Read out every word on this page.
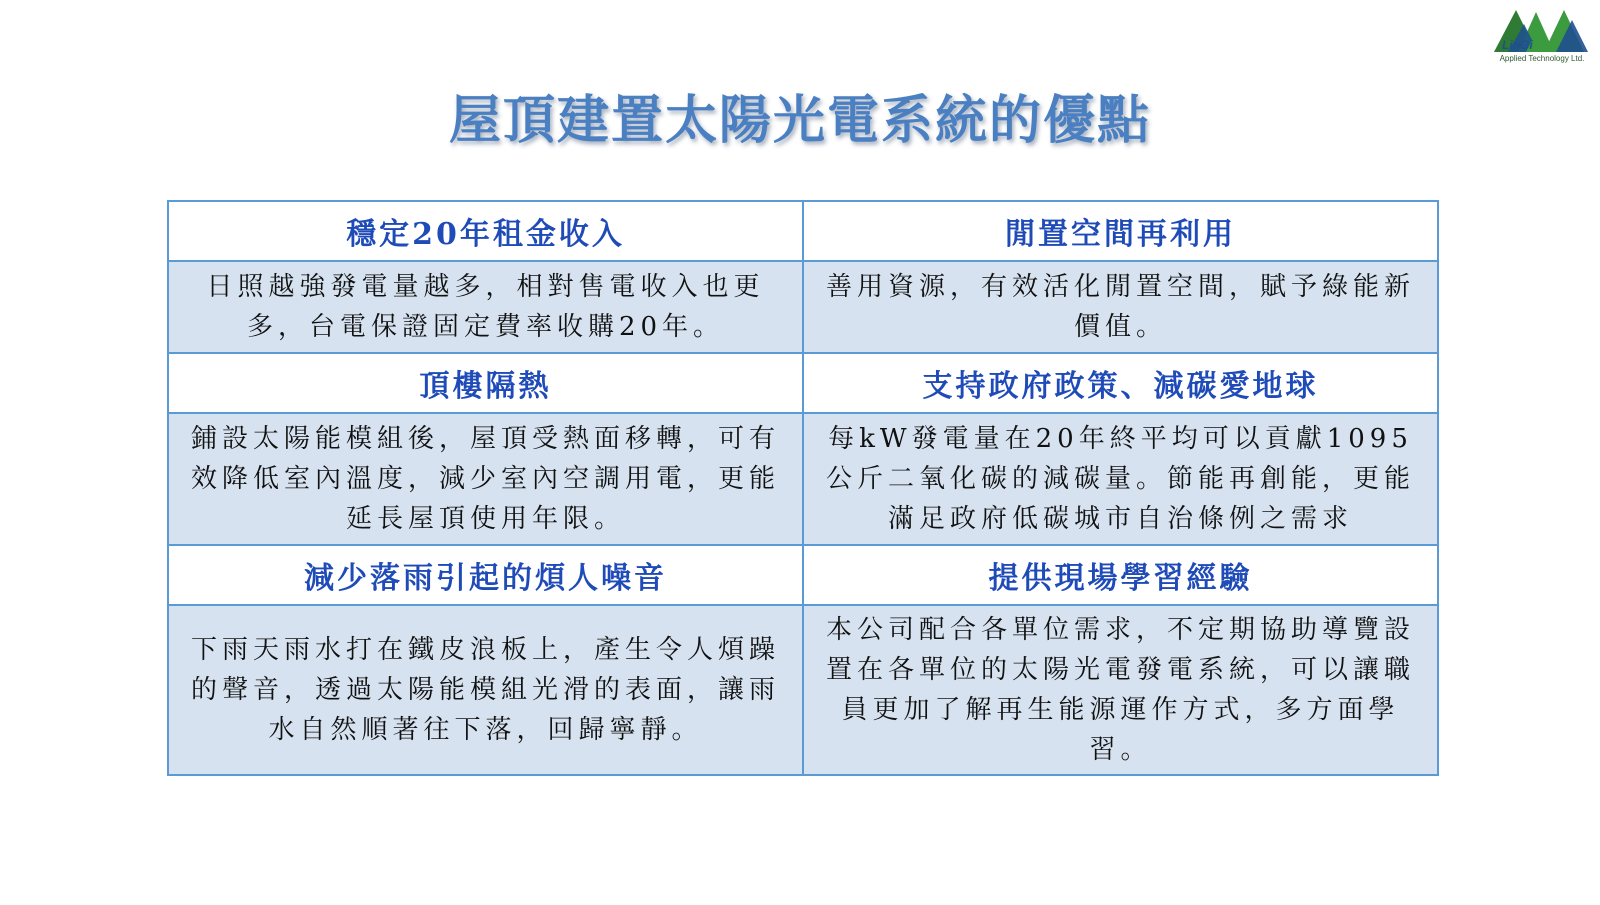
LinGi
Applied Technology Ltd.
屋頂建置太陽光電系統的優點
穩定20年租金收入	閒置空間再利用
日照越強發電量越多，相對售電收入也更多，台電保證固定費率收購20年。	善用資源，有效活化閒置空間，賦予綠能新價值。
頂樓隔熱	支持政府政策、減碳愛地球
鋪設太陽能模組後，屋頂受熱面移轉，可有效降低室內溫度，減少室內空調用電，更能延長屋頂使用年限。	每kW發電量在20年終平均可以貢獻1095公斤二氧化碳的減碳量。節能再創能，更能滿足政府低碳城市自治條例之需求
減少落雨引起的煩人噪音	提供現場學習經驗
下雨天雨水打在鐵皮浪板上，產生令人煩躁的聲音，透過太陽能模組光滑的表面，讓雨水自然順著往下落，回歸寧靜。	本公司配合各單位需求，不定期協助導覽設置在各單位的太陽光電發電系統，可以讓職員更加了解再生能源運作方式，多方面學習。
